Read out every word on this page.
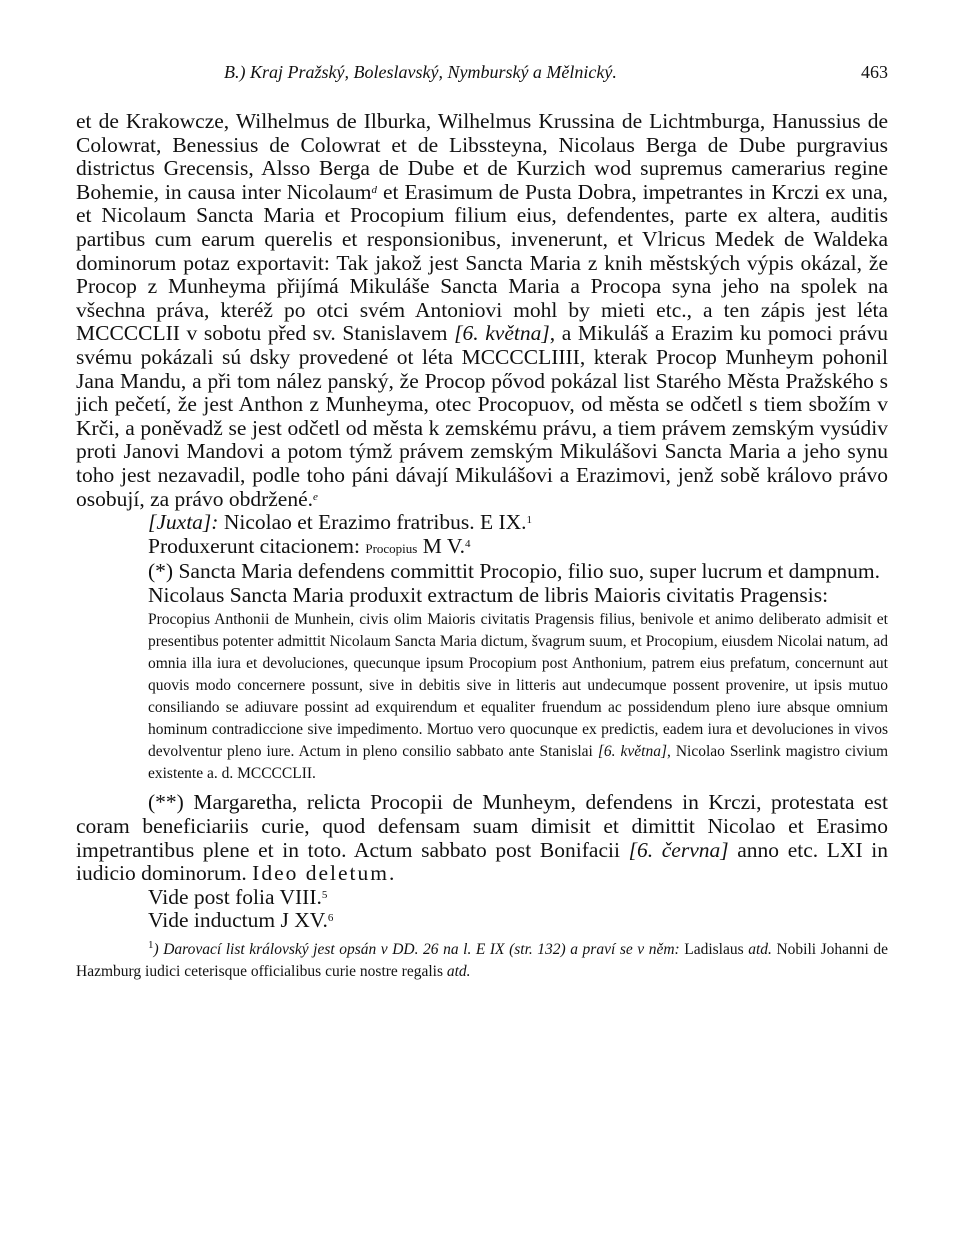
B.) Kraj Pražský, Boleslavský, Nymburský a Mělnický.	463

et de Krakowcze, Wilhelmus de Ilburka, Wilhelmus Krussina de Lichtmburga, Hanussius de Colowrat, Benessius de Colowrat et de Libssteyna, Nicolaus Berga de Dube purgravius districtus Grecensis, Alsso Berga de Dube et de Kurzich wod supremus camerarius regine Bohemie, in causa inter Nicolaum$^d$ et Erasimum de Pusta Dobra, impetrantes in Krczi ex una, et Nicolaum Sancta Maria et Procopium filium eius, defendentes, parte ex altera, auditis partibus cum earum querelis et responsionibus, invenerunt, et Vlricus Medek de Waldeka dominorum potaz exportavit: Tak jakož jest Sancta Maria z knih městských výpis okázal, že Procop z Munheyma přijímá Mikuláše Sancta Maria a Procopa syna jeho na spolek na všechna práva, kteréž po otci svém Antoniovi mohl by mieti etc., a ten zápis jest léta MCCCCLII v sobotu před sv. Stanislavem [6. května], a Mikuláš a Erazim ku pomoci právu svému pokázali sú dsky provedené ot léta MCCCCLIIII, kterak Procop Munheym pohonil Jana Mandu, a při tom nález panský, že Procop pővod pokázal list Starého Města Pražského s jich pečetí, že jest Anthon z Munheyma, otec Procopuov, od města se odčetl s tiem sbožím v Krči, a poněvadž se jest odčetl od města k zemskému právu, a tiem právem zemským vysúdiv proti Janovi Mandovi a potom týmž právem zemským Mikulášovi Sancta Maria a jeho synu toho jest nezavadil, podle toho páni dávají Mikulášovi a Erazimovi, jenž sobě královo právo osobují, za právo obdržené.$^e$

[Juxta]: Nicolao et Erazimo fratribus. E IX.$^1$

Produxerunt citacionem: Procopius M V.$^4$

(*) Sancta Maria defendens committit Procopio, filio suo, super lucrum et dampnum.

Nicolaus Sancta Maria produxit extractum de libris Maioris civitatis Pragensis:

Procopius Anthonii de Munhein, civis olim Maioris civitatis Pragensis filius, benivole et animo deliberato admisit et presentibus potenter admittit Nicolaum Sancta Maria dictum, švagrum suum, et Procopium, eiusdem Nicolai natum, ad omnia illa iura et devoluciones, quecunque ipsum Procopium post Anthonium, patrem eius prefatum, concernunt aut quovis modo concernere possunt, sive in debitis sive in litteris aut undecumque possent provenire, ut ipsis mutuo consiliando se adiuvare possint ad exquirendum et equaliter fruendum ac possidendum pleno iure absque omnium hominum contradiccione sive impedimento. Mortuo vero quocunque ex predictis, eadem iura et devoluciones in vivos devolventur pleno iure. Actum in pleno consilio sabbato ante Stanislai [6. května], Nicolao Sserlink magistro civium existente a. d. MCCCCLII.

(**) Margaretha, relicta Procopii de Munheym, defendens in Krczi, protestata est coram beneficiariis curie, quod defensam suam dimisit et dimittit Nicolao et Erasimo impetrantibus plene et in toto. Actum sabbato post Bonifacii [6. června] anno etc. LXI in iudicio dominorum. Ideo deletum.

Vide post folia VIII.$^5$

Vide inductum J XV.$^6$

$^1$) Darovací list královský jest opsán v DD. 26 na l. E IX (str. 132) a praví se v něm: Ladislaus atd. Nobili Johanni de Hazmburg iudici ceterisque officialibus curie nostre regalis atd.
